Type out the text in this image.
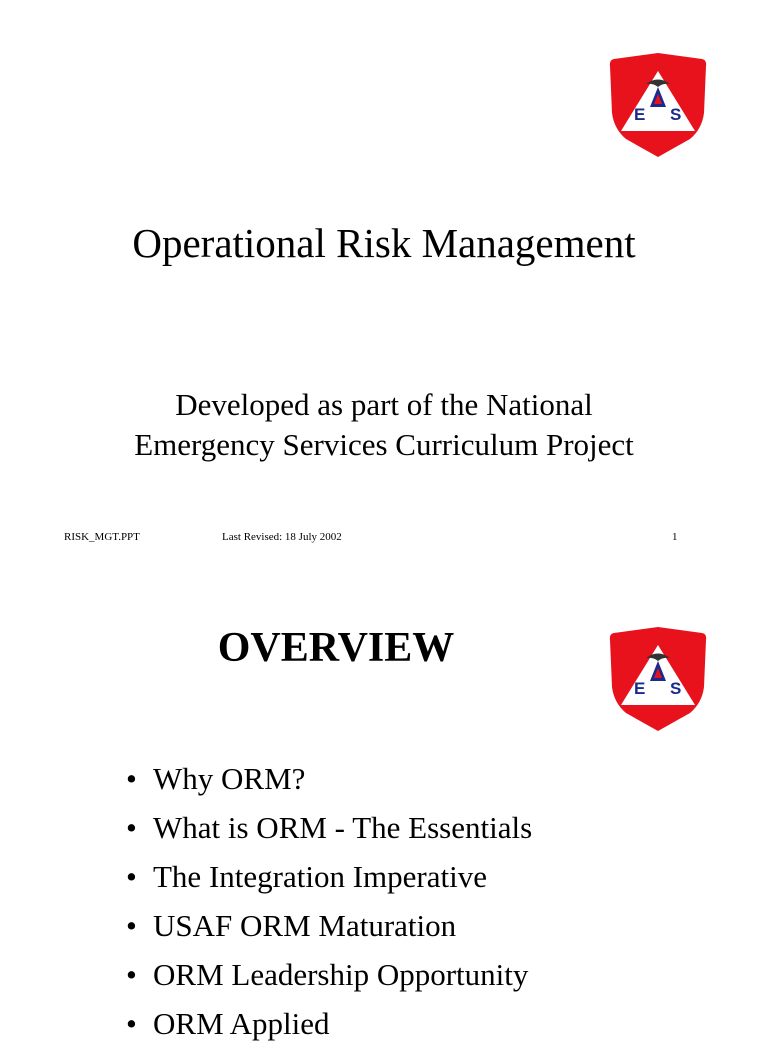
E S
Operational Risk Management
Developed as part of the National
Emergency Services Curriculum Project
RISK_MGT.PPT	Last Revised: 18 July 2002	1
E S
OVERVIEW
• Why ORM?
• What is ORM - The Essentials
• The Integration Imperative
• USAF ORM Maturation
• ORM Leadership Opportunity
• ORM Applied
